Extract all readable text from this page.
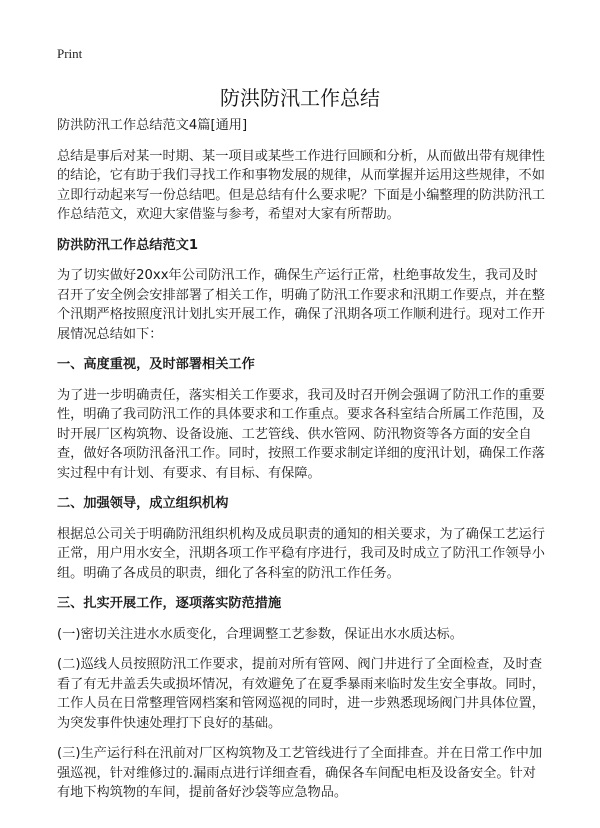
Print
防洪防汛工作总结

防洪防汛工作总结范文4篇[通用]

总结是事后对某一时期、某一项目或某些工作进行回顾和分析，从而做出带有规律性的结论，它有助于我们寻找工作和事物发展的规律，从而掌握并运用这些规律，不如立即行动起来写一份总结吧。但是总结有什么要求呢？下面是小编整理的防洪防汛工作总结范文，欢迎大家借鉴与参考，希望对大家有所帮助。

防洪防汛工作总结范文1

为了切实做好20xx年公司防汛工作，确保生产运行正常，杜绝事故发生，我司及时召开了安全例会安排部署了相关工作，明确了防汛工作要求和汛期工作要点，并在整个汛期严格按照度汛计划扎实开展工作，确保了汛期各项工作顺利进行。现对工作开展情况总结如下：

一、高度重视，及时部署相关工作

为了进一步明确责任，落实相关工作要求，我司及时召开例会强调了防汛工作的重要性，明确了我司防汛工作的具体要求和工作重点。要求各科室结合所属工作范围，及时开展厂区构筑物、设备设施、工艺管线、供水管网、防汛物资等各方面的安全自查，做好各项防汛备汛工作。同时，按照工作要求制定详细的度汛计划，确保工作落实过程中有计划、有要求、有目标、有保障。

二、加强领导，成立组织机构

根据总公司关于明确防汛组织机构及成员职责的通知的相关要求，为了确保工艺运行正常，用户用水安全，汛期各项工作平稳有序进行，我司及时成立了防汛工作领导小组。明确了各成员的职责，细化了各科室的防汛工作任务。

三、扎实开展工作，逐项落实防范措施

(一)密切关注进水水质变化，合理调整工艺参数，保证出水水质达标。

(二)巡线人员按照防汛工作要求，提前对所有管网、阀门井进行了全面检查，及时查看了有无井盖丢失或损坏情况，有效避免了在夏季暴雨来临时发生安全事故。同时，工作人员在日常整理管网档案和管网巡视的同时，进一步熟悉现场阀门井具体位置，为突发事件快速处理打下良好的基础。

(三)生产运行科在汛前对厂区构筑物及工艺管线进行了全面排查。并在日常工作中加强巡视，针对维修过的.漏雨点进行详细查看，确保各车间配电柜及设备安全。针对有地下构筑物的车间，提前备好沙袋等应急物品。
